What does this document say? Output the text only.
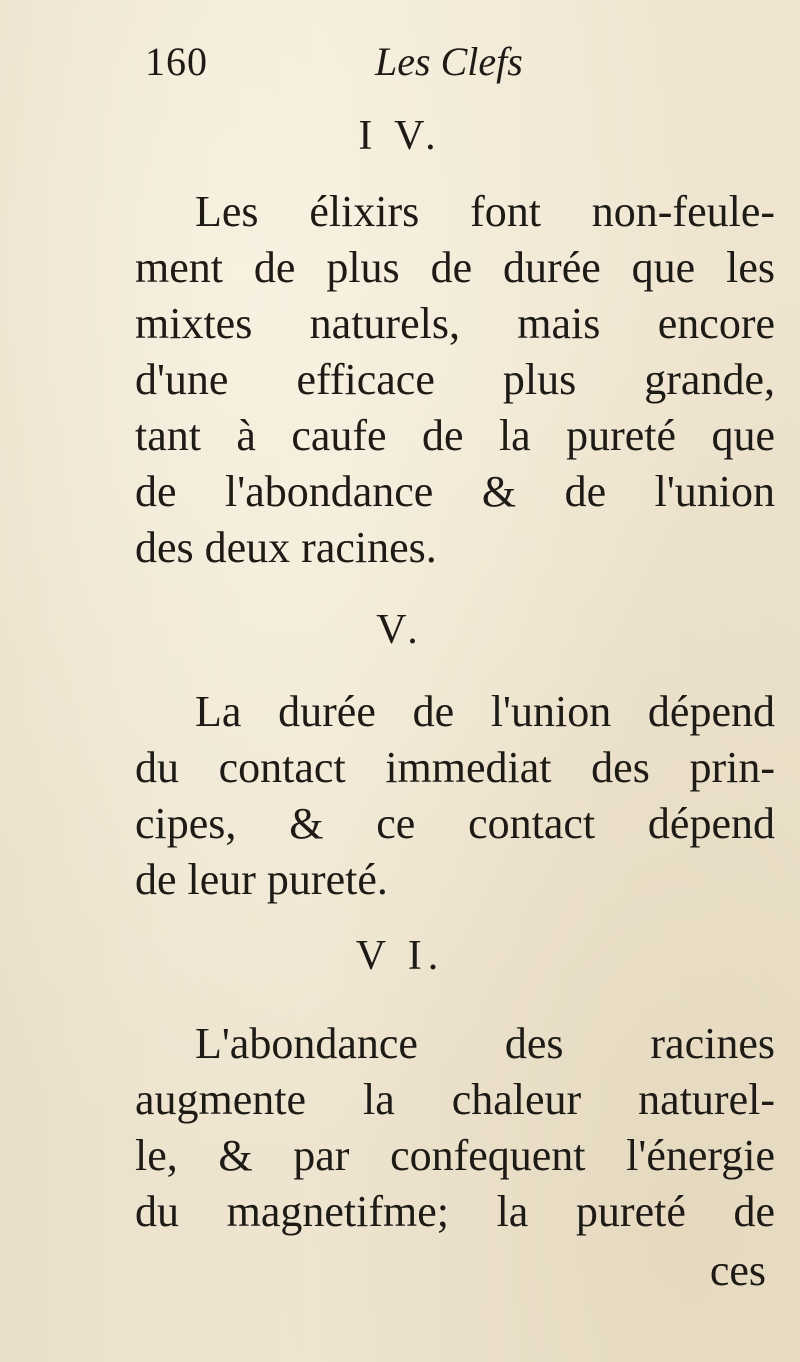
160	Les Clefs
I V.
Les élixirs font non-feule-
ment de plus de durée que les
mixtes naturels, mais encore
d'une efficace plus grande,
tant à caufe de la pureté que
de l'abondance & de l'union
des deux racines.
V.
La durée de l'union dépend
du contact immediat des prin-
cipes, & ce contact dépend
de leur pureté.
V I.
L'abondance des racines
augmente la chaleur naturel-
le, & par confequent l'énergie
du magnetifme; la pureté de
ces
